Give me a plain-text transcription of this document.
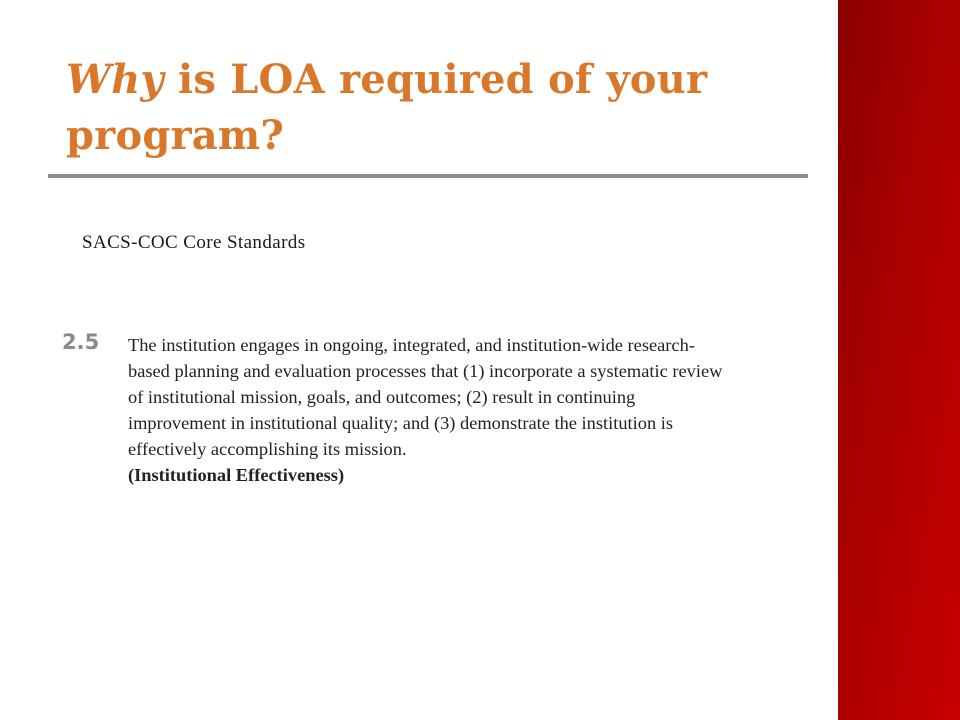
Why is LOA required of your program?
SACS-COC Core Standards
2.5 The institution engages in ongoing, integrated, and institution-wide research-based planning and evaluation processes that (1) incorporate a systematic review of institutional mission, goals, and outcomes; (2) result in continuing improvement in institutional quality; and (3) demonstrate the institution is effectively accomplishing its mission.
(Institutional Effectiveness)
